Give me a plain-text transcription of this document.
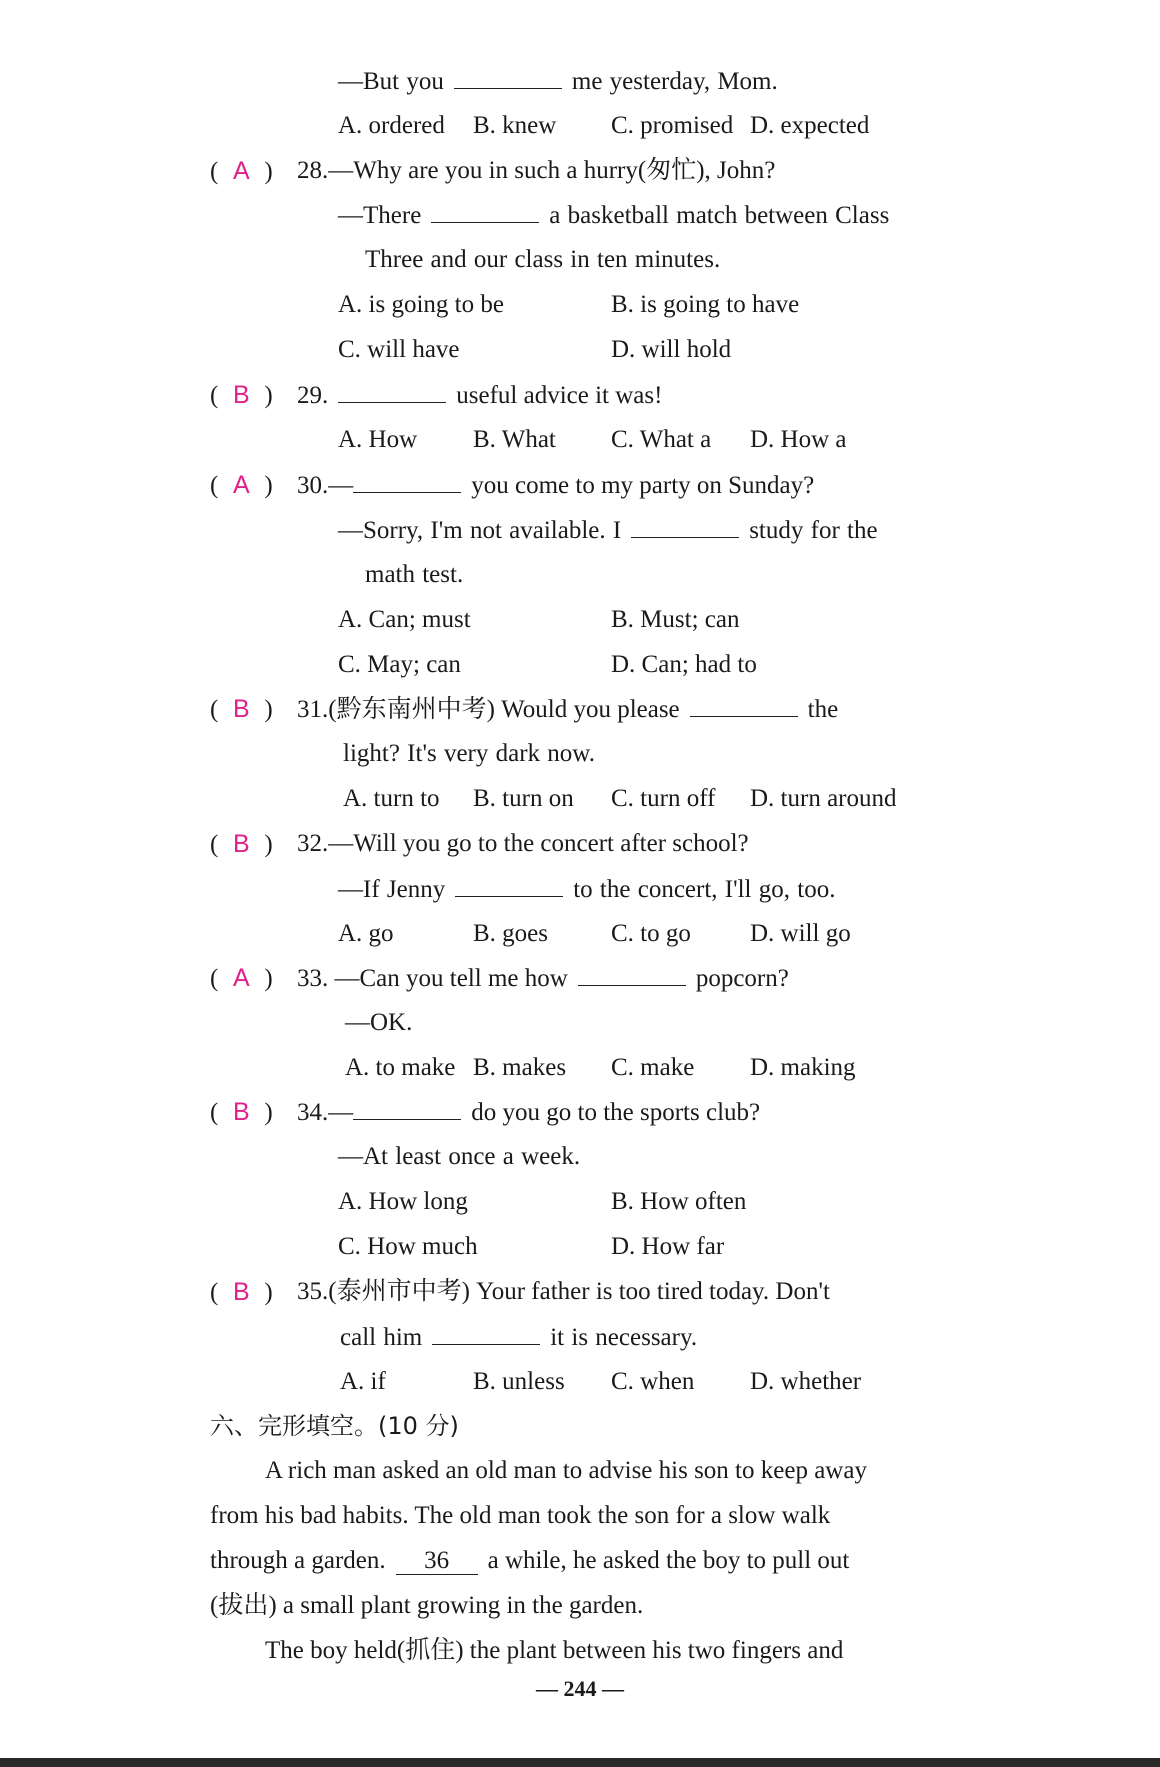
—But you	me yesterday, Mom.
A. ordered B. knew C. promised D. expected
( A ) 28.—Why are you in such a hurry(匆忙), John?
—There	a basketball match between Class
Three and our class in ten minutes.
A. is going to be	B. is going to have
C. will have	D. will hold
( B ) 29.	useful advice it was!
A. How B. What C. What a D. How a
( A ) 30.—	you come to my party on Sunday?
—Sorry, I'm not available. I	study for the
math test.
A. Can; must	B. Must; can
C. May; can	D. Can; had to
( B ) 31.(黔东南州中考) Would you please	the
light? It's very dark now.
A. turn to B. turn on C. turn off D. turn around
( B ) 32.—Will you go to the concert after school?
—If Jenny	to the concert, I'll go, too.
A. go	B. goes	C. to go D. will go
( A ) 33. —Can you tell me how	popcorn?
—OK.
A. to make B. makes C. make D. making
( B ) 34.—	do you go to the sports club?
—At least once a week.
A. How long	B. How often
C. How much	D. How far
( B ) 35.(泰州市中考) Your father is too tired today. Don't
call him	it is necessary.
A. if	B. unless C. when D. whether
六、完形填空。(10 分)
A rich man asked an old man to advise his son to keep away
from his bad habits. The old man took the son for a slow walk
through a garden. 36 a while, he asked the boy to pull out
(拔出) a small plant growing in the garden.
The boy held(抓住) the plant between his two fingers and
— 244 —
